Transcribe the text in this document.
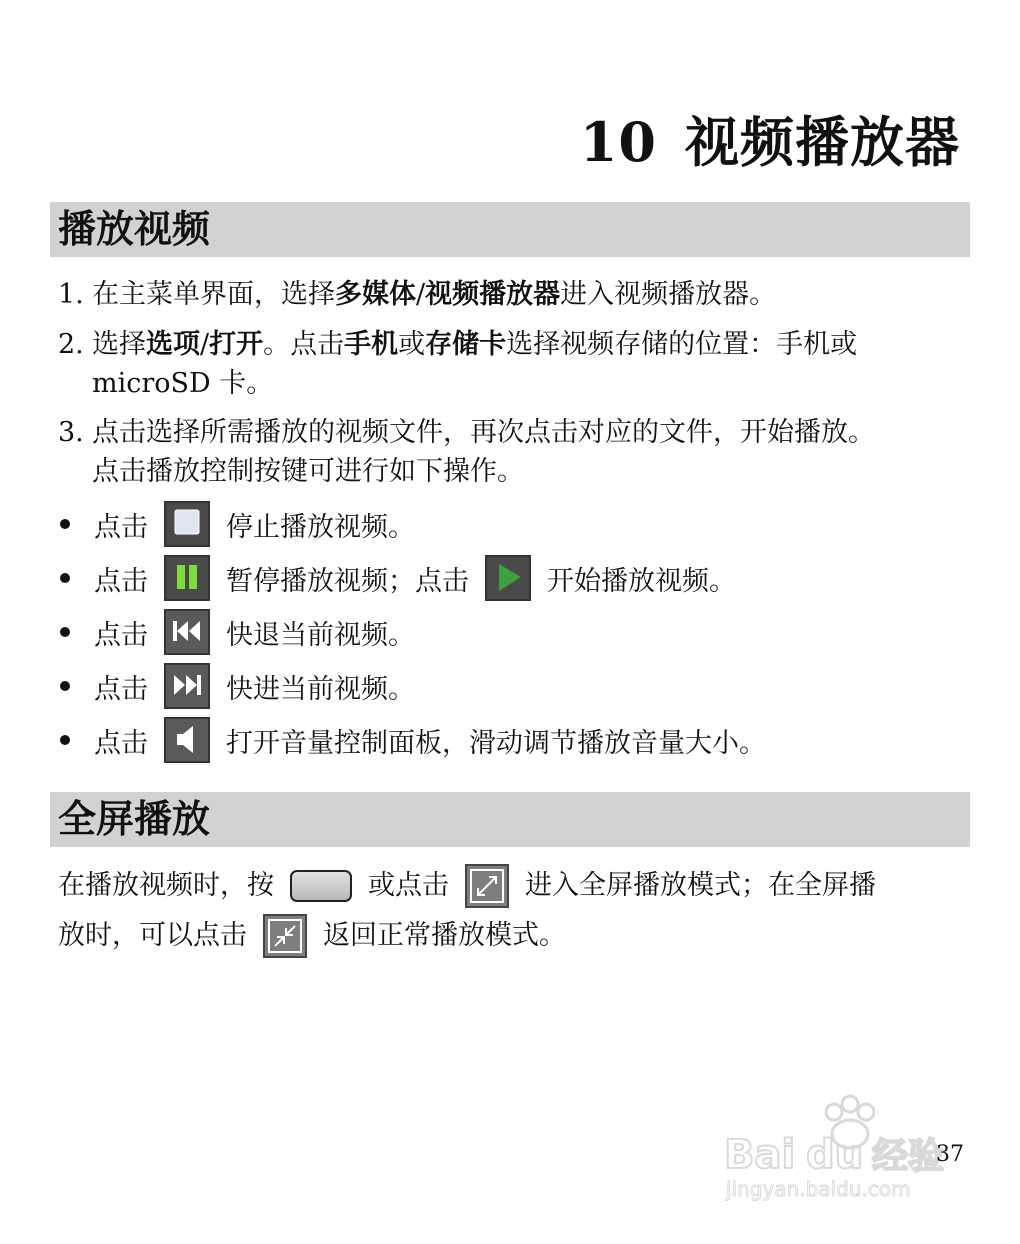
10 视频播放器
播放视频
1. 在主菜单界面，选择多媒体/视频播放器进入视频播放器。
2. 选择选项/打开。点击手机或存储卡选择视频存储的位置：手机或
microSD 卡。
3. 点击选择所需播放的视频文件，再次点击对应的文件，开始播放。
点击播放控制按键可进行如下操作。
点击	停止播放视频。
点击	暂停播放视频；点击	开始播放视频。
点击	快退当前视频。
点击	快进当前视频。
点击	打开音量控制面板，滑动调节播放音量大小。
全屏播放
在播放视频时，按	或点击	进入全屏播放模式；在全屏播
放时，可以点击	返回正常播放模式。
Bai du 经验
jingyan.baidu.com
37
